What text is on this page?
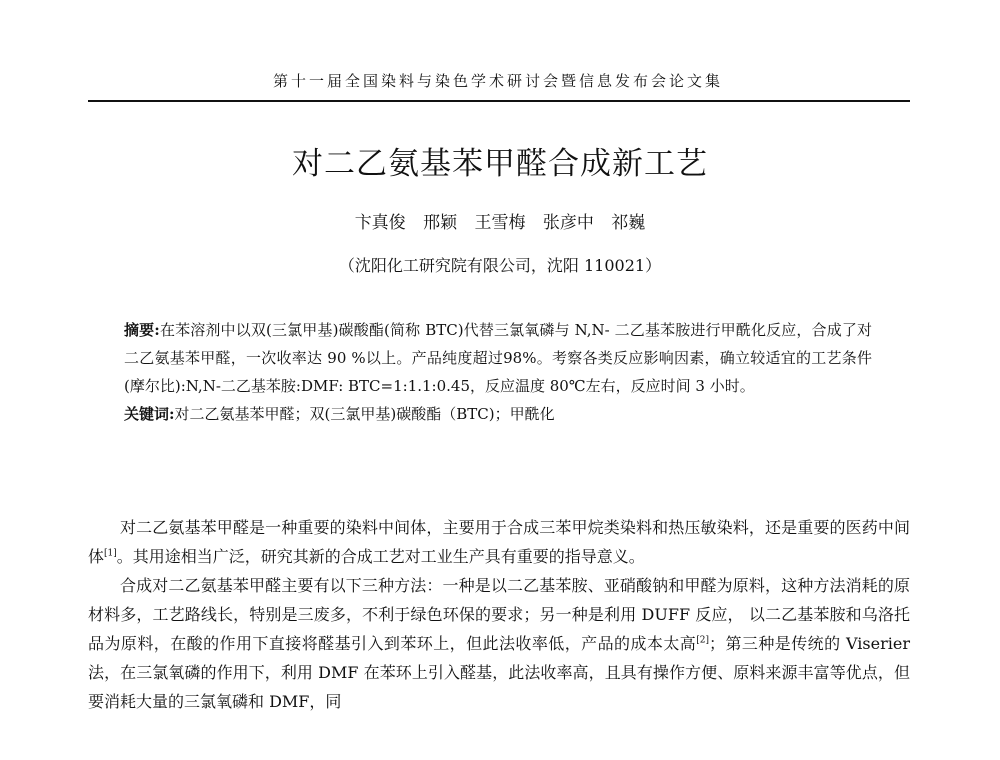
第十一届全国染料与染色学术研讨会暨信息发布会论文集
对二乙氨基苯甲醛合成新工艺
卞真俊 邢颖 王雪梅 张彦中 祁巍
（沈阳化工研究院有限公司，沈阳 110021）

摘要:在苯溶剂中以双(三氯甲基)碳酸酯(简称 BTC)代替三氯氧磷与 N,N- 二乙基苯胺进行甲酰化反应，合成了对二乙氨基苯甲醛，一次收率达 90 %以上。产品纯度超过98%。考察各类反应影响因素，确立较适宜的工艺条件(摩尔比):N,N-二乙基苯胺:DMF: BTC=1:1.1:0.45，反应温度 80℃左右，反应时间 3 小时。

关键词:对二乙氨基苯甲醛；双(三氯甲基)碳酸酯（BTC)；甲酰化

对二乙氨基苯甲醛是一种重要的染料中间体，主要用于合成三苯甲烷类染料和热压敏染料，还是重要的医药中间体[1]。其用途相当广泛，研究其新的合成工艺对工业生产具有重要的指导意义。

合成对二乙氨基苯甲醛主要有以下三种方法：一种是以二乙基苯胺、亚硝酸钠和甲醛为原料，这种方法消耗的原材料多，工艺路线长，特别是三废多，不利于绿色环保的要求；另一种是利用 DUFF 反应， 以二乙基苯胺和乌洛托品为原料，在酸的作用下直接将醛基引入到苯环上，但此法收率低，产品的成本太高[2]；第三种是传统的 Viserier 法，在三氯氧磷的作用下，利用 DMF 在苯环上引入醛基，此法收率高，且具有操作方便、原料来源丰富等优点，但要消耗大量的三氯氧磷和 DMF，同
